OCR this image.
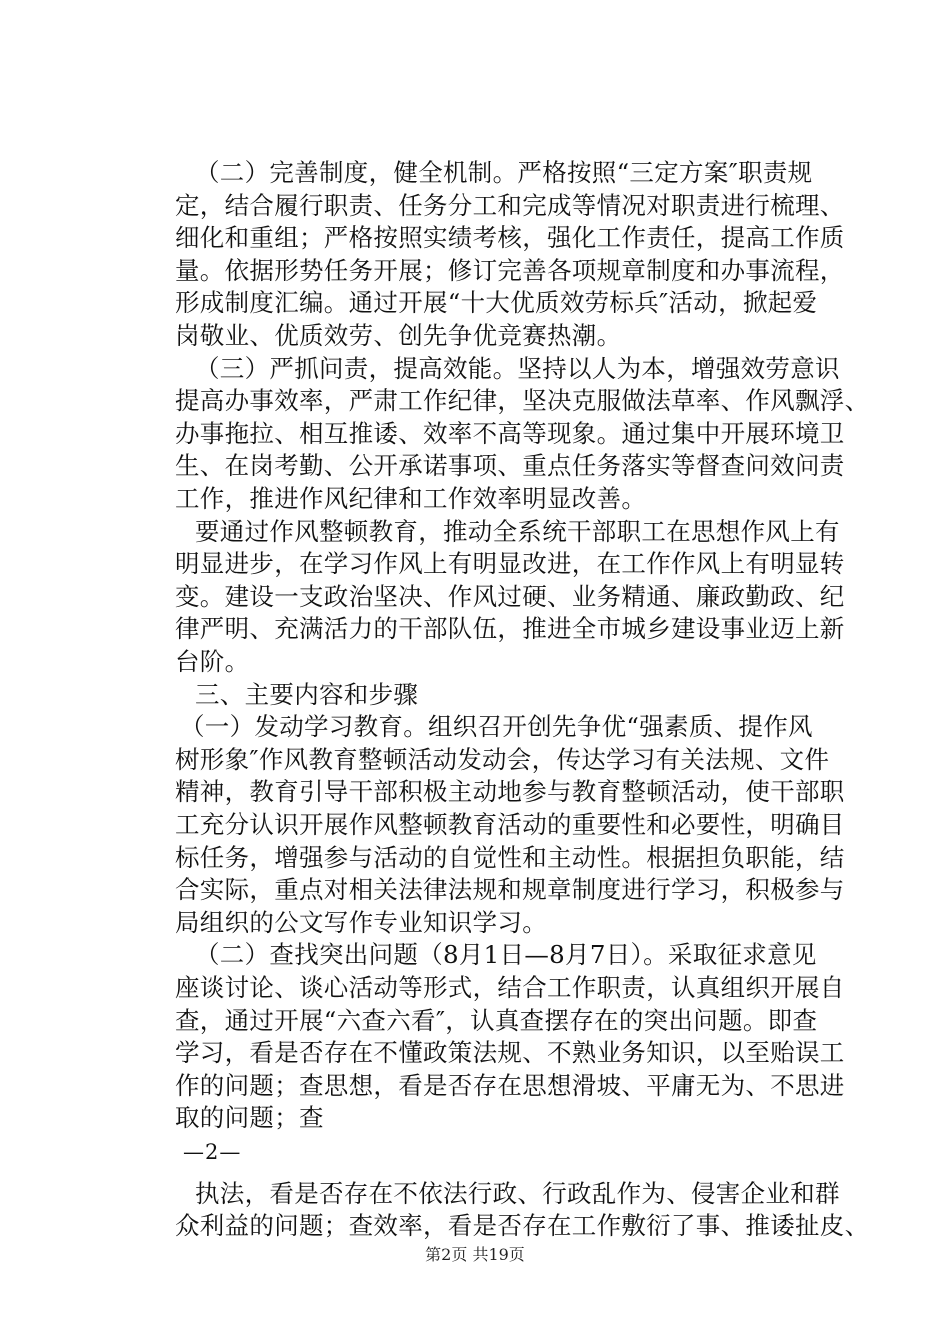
（二）完善制度，健全机制。严格按照“三定方案″职责规
定，结合履行职责、任务分工和完成等情况对职责进行梳理、
细化和重组；严格按照实绩考核，强化工作责任，提高工作质
量。依据形势任务开展；修订完善各项规章制度和办事流程，
形成制度汇编。通过开展“十大优质效劳标兵″活动，掀起爱
岗敬业、优质效劳、创先争优竞赛热潮。
（三）严抓问责，提高效能。坚持以人为本，增强效劳意识
提高办事效率，严肃工作纪律，坚决克服做法草率、作风飘浮、
办事拖拉、相互推诿、效率不高等现象。通过集中开展环境卫
生、在岗考勤、公开承诺事项、重点任务落实等督查问效问责
工作，推进作风纪律和工作效率明显改善。
要通过作风整顿教育，推动全系统干部职工在思想作风上有
明显进步，在学习作风上有明显改进，在工作作风上有明显转
变。建设一支政治坚决、作风过硬、业务精通、廉政勤政、纪
律严明、充满活力的干部队伍，推进全市城乡建设事业迈上新
台阶。
三、主要内容和步骤
（一）发动学习教育。组织召开创先争优“强素质、提作风
树形象″作风教育整顿活动发动会，传达学习有关法规、文件
精神，教育引导干部积极主动地参与教育整顿活动，使干部职
工充分认识开展作风整顿教育活动的重要性和必要性，明确目
标任务，增强参与活动的自觉性和主动性。根据担负职能，结
合实际，重点对相关法律法规和规章制度进行学习，积极参与
局组织的公文写作专业知识学习。
（二）查找突出问题（8月1日—8月7日）。采取征求意见
座谈讨论、谈心活动等形式，结合工作职责，认真组织开展自
查，通过开展“六查六看″，认真查摆存在的突出问题。即查
学习，看是否存在不懂政策法规、不熟业务知识，以至贻误工
作的问题；查思想，看是否存在思想滑坡、平庸无为、不思进
取的问题；查
—2—
执法，看是否存在不依法行政、行政乱作为、侵害企业和群
众利益的问题；查效率，看是否存在工作敷衍了事、推诿扯皮、
第2页 共19页
